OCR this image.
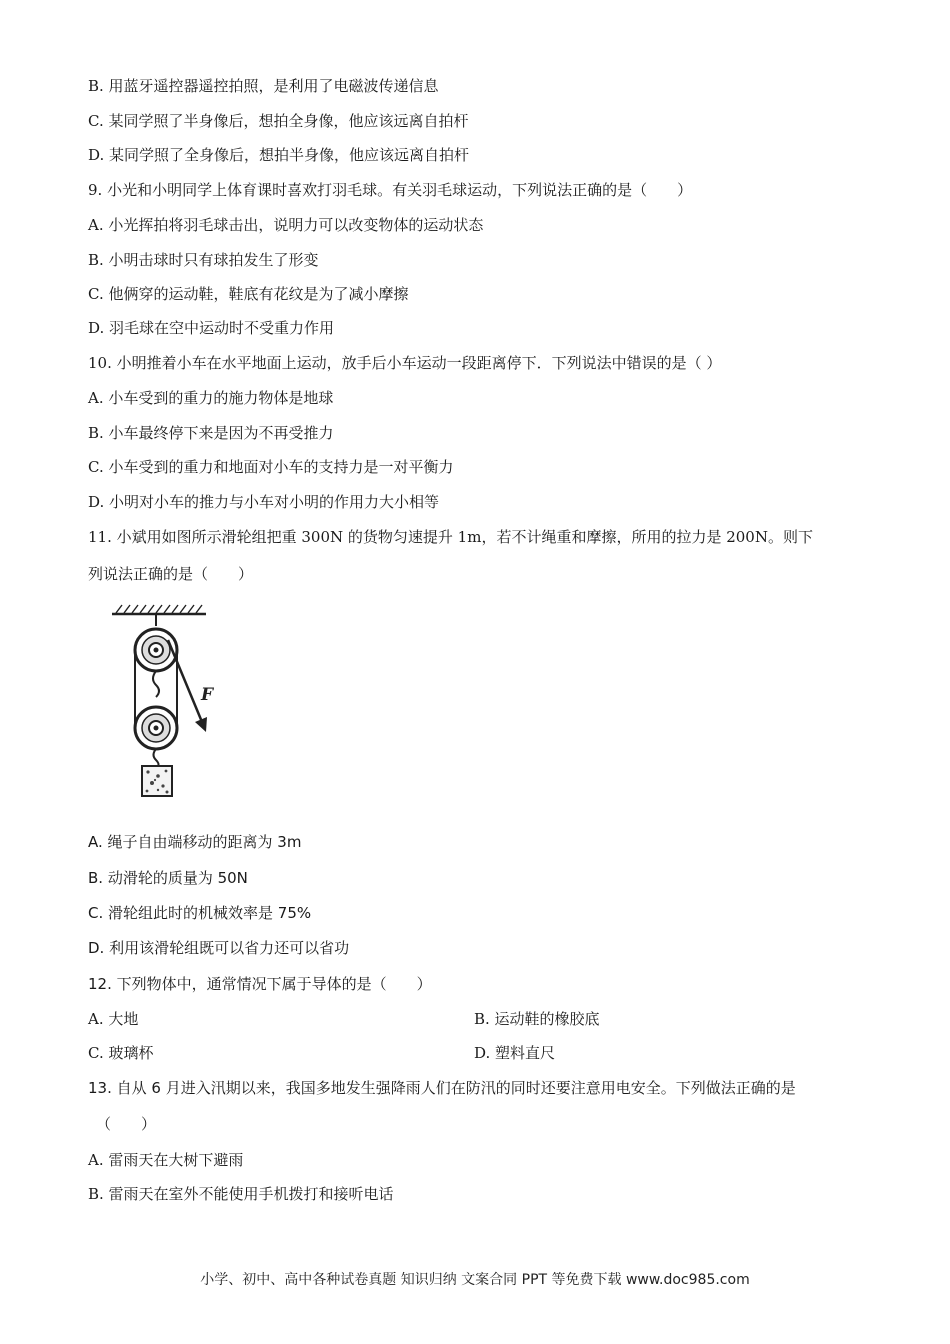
B. 用蓝牙遥控器遥控拍照，是利用了电磁波传递信息
C. 某同学照了半身像后，想拍全身像，他应该远离自拍杆
D. 某同学照了全身像后，想拍半身像，他应该远离自拍杆
9. 小光和小明同学上体育课时喜欢打羽毛球。有关羽毛球运动，下列说法正确的是（　　）
A. 小光挥拍将羽毛球击出，说明力可以改变物体的运动状态
B. 小明击球时只有球拍发生了形变
C. 他俩穿的运动鞋，鞋底有花纹是为了减小摩擦
D. 羽毛球在空中运动时不受重力作用
10. 小明推着小车在水平地面上运动，放手后小车运动一段距离停下．下列说法中错误的是（ ）
A. 小车受到的重力的施力物体是地球
B. 小车最终停下来是因为不再受推力
C. 小车受到的重力和地面对小车的支持力是一对平衡力
D. 小明对小车的推力与小车对小明的作用力大小相等
11. 小斌用如图所示滑轮组把重 300N 的货物匀速提升 1m，若不计绳重和摩擦，所用的拉力是 200N。则下
列说法正确的是（　　）
F
A. 绳子自由端移动的距离为 3m
B. 动滑轮的质量为 50N
C. 滑轮组此时的机械效率是 75%
D. 利用该滑轮组既可以省力还可以省功
12. 下列物体中，通常情况下属于导体的是（　　）
A. 大地	B. 运动鞋的橡胶底
C. 玻璃杯	D. 塑料直尺
13. 自从 6 月进入汛期以来，我国多地发生强降雨人们在防汛的同时还要注意用电安全。下列做法正确的是
（　　）
A. 雷雨天在大树下避雨
B. 雷雨天在室外不能使用手机拨打和接听电话
小学、初中、高中各种试卷真题 知识归纳 文案合同 PPT 等免费下载 www.doc985.com
